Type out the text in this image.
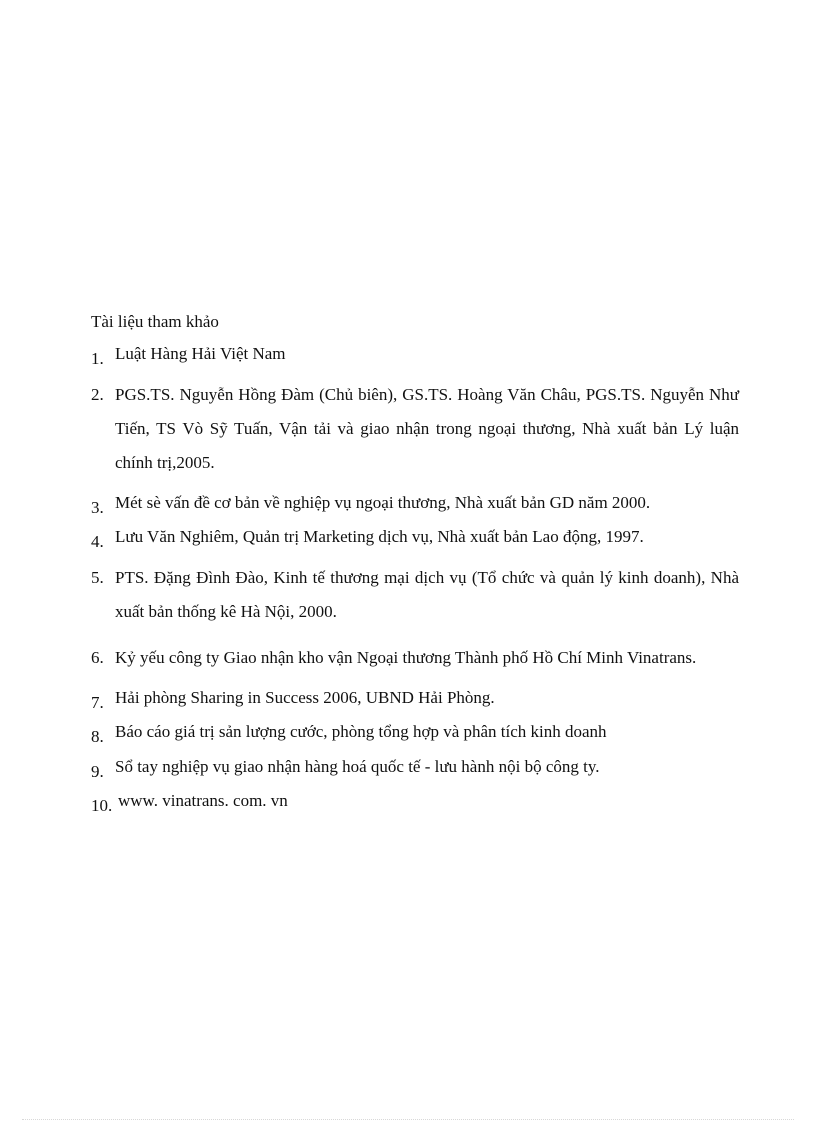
Tài liệu tham khảo
1. Luật Hàng Hải Việt Nam
2. PGS.TS. Nguyễn Hồng Đàm (Chủ biên), GS.TS. Hoàng Văn Châu, PGS.TS. Nguyễn Như Tiến, TS Vò Sỹ Tuấn, Vận tải và giao nhận trong ngoại thương, Nhà xuất bản Lý luận chính trị,2005.
3. Mét sè vấn đề cơ bản về nghiệp vụ ngoại thương, Nhà xuất bản GD năm 2000.
4. Lưu Văn Nghiêm, Quản trị Marketing dịch vụ, Nhà xuất bản Lao động, 1997.
5. PTS. Đặng Đình Đào, Kinh tế thương mại dịch vụ (Tổ chức và quản lý kinh doanh), Nhà xuất bản thống kê Hà Nội, 2000.
6. Kỷ yếu công ty Giao nhận kho vận Ngoại thương Thành phố Hồ Chí Minh Vinatrans.
7. Hải phòng Sharing in Success 2006, UBND Hải Phòng.
8. Báo cáo giá trị sản lượng cước, phòng tổng hợp và phân tích kinh doanh
9. Sổ tay nghiệp vụ giao nhận hàng hoá quốc tế - lưu hành nội bộ công ty.
10. www. vinatrans. com. vn
